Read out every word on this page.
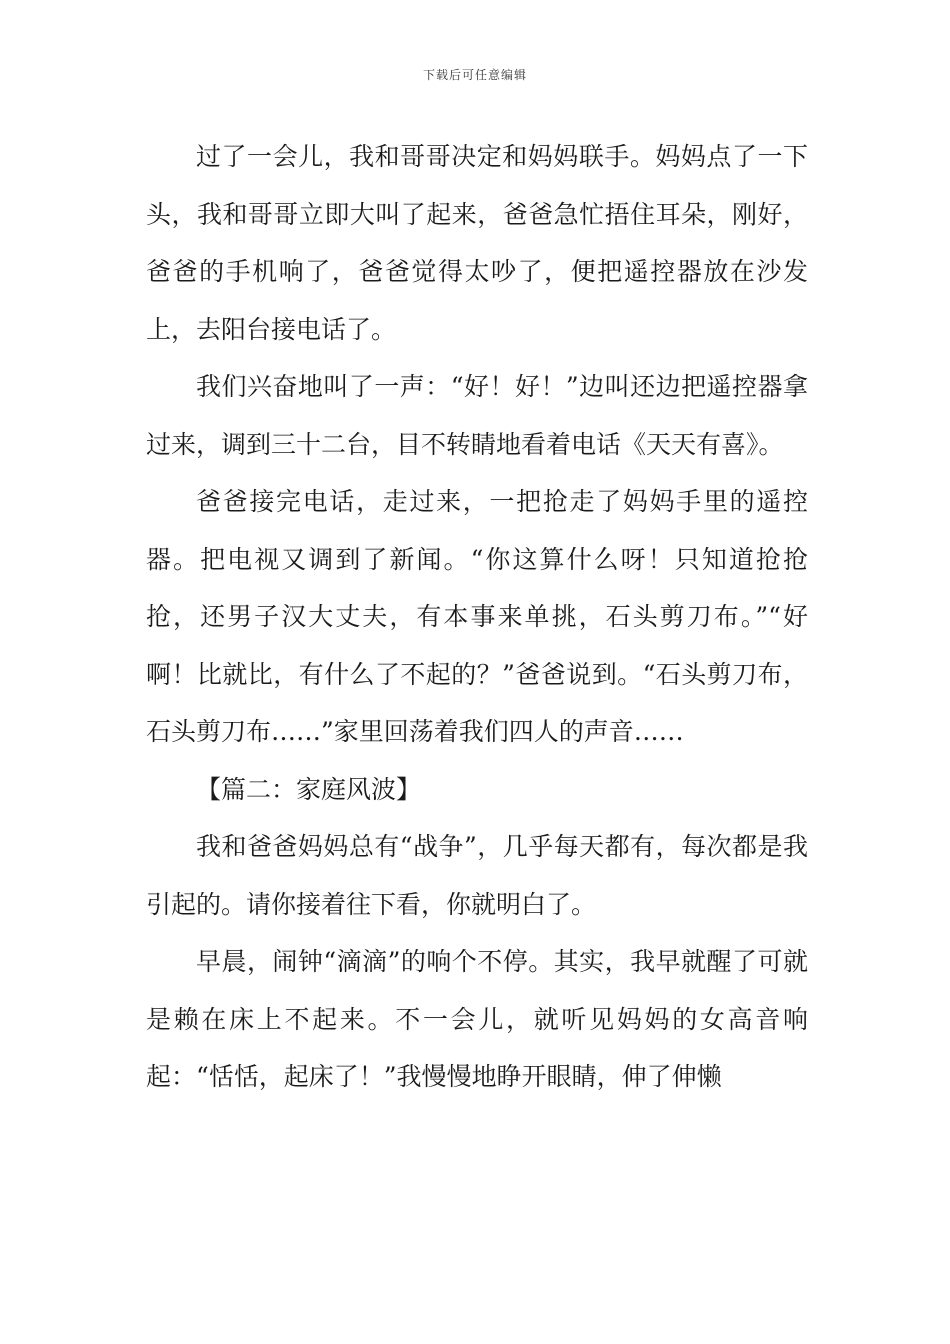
下载后可任意编辑

过了一会儿，我和哥哥决定和妈妈联手。妈妈点了一下头，我和哥哥立即大叫了起来，爸爸急忙捂住耳朵，刚好，爸爸的手机响了，爸爸觉得太吵了，便把遥控器放在沙发上，去阳台接电话了。

我们兴奋地叫了一声：“好！好！”边叫还边把遥控器拿过来，调到三十二台，目不转睛地看着电话《天天有喜》。

爸爸接完电话，走过来，一把抢走了妈妈手里的遥控器。把电视又调到了新闻。“你这算什么呀！只知道抢抢抢，还男子汉大丈夫，有本事来单挑，石头剪刀布。”“好啊！比就比，有什么了不起的？”爸爸说到。“石头剪刀布，石头剪刀布……”家里回荡着我们四人的声音……

【篇二：家庭风波】

我和爸爸妈妈总有“战争”，几乎每天都有，每次都是我引起的。请你接着往下看，你就明白了。

早晨，闹钟“滴滴”的响个不停。其实，我早就醒了可就是赖在床上不起来。不一会儿，就听见妈妈的女高音响起：“恬恬，起床了！”我慢慢地睁开眼睛，伸了伸懒
